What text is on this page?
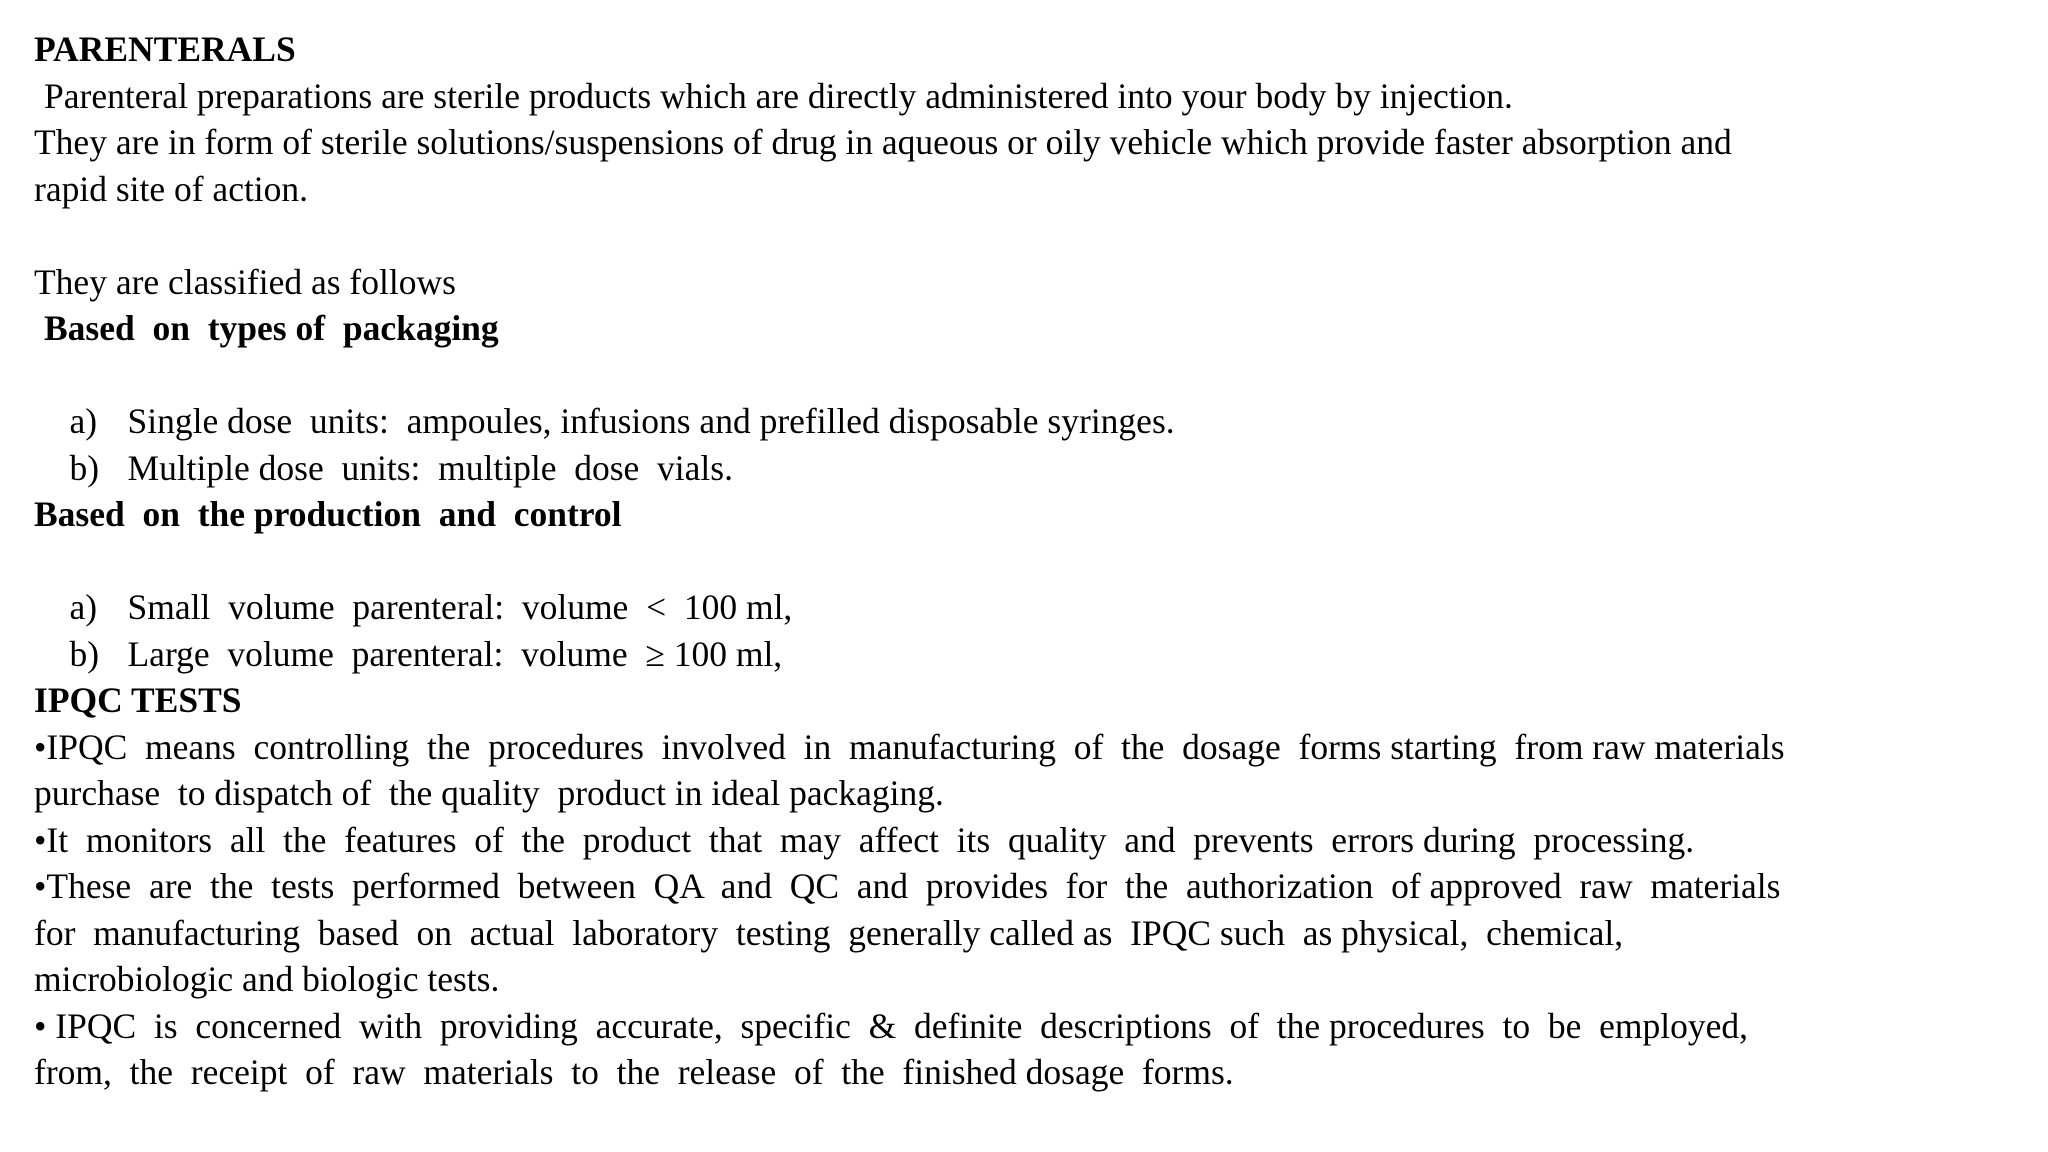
PARENTERALS
Parenteral preparations are sterile products which are directly administered into your body by injection.
They are in form of sterile solutions/suspensions of drug in aqueous or oily vehicle which provide faster absorption and
rapid site of action.
They are classified as follows
Based  on  types of  packaging

a) Single dose  units:  ampoules, infusions and prefilled disposable syringes.

b) Multiple dose  units:  multiple  dose  vials.

Based  on  the production  and  control

a) Small  volume  parenteral:  volume  <  100 ml,

b) Large  volume  parenteral:  volume  ≥ 100 ml,

IPQC TESTS
•IPQC  means  controlling  the  procedures  involved  in  manufacturing  of  the  dosage  forms starting  from raw materials
purchase  to dispatch of  the quality  product in ideal packaging.
•It  monitors  all  the  features  of  the  product  that  may  affect  its  quality  and  prevents  errors during  processing.
•These  are  the  tests  performed  between  QA  and  QC  and  provides  for  the  authorization  of approved  raw  materials
for  manufacturing  based  on  actual  laboratory  testing  generally called as  IPQC such  as physical,  chemical,
microbiologic and biologic tests.
• IPQC  is  concerned  with  providing  accurate,  specific  &  definite  descriptions  of  the procedures  to  be  employed,
from,  the  receipt  of  raw  materials  to  the  release  of  the  finished dosage  forms.
